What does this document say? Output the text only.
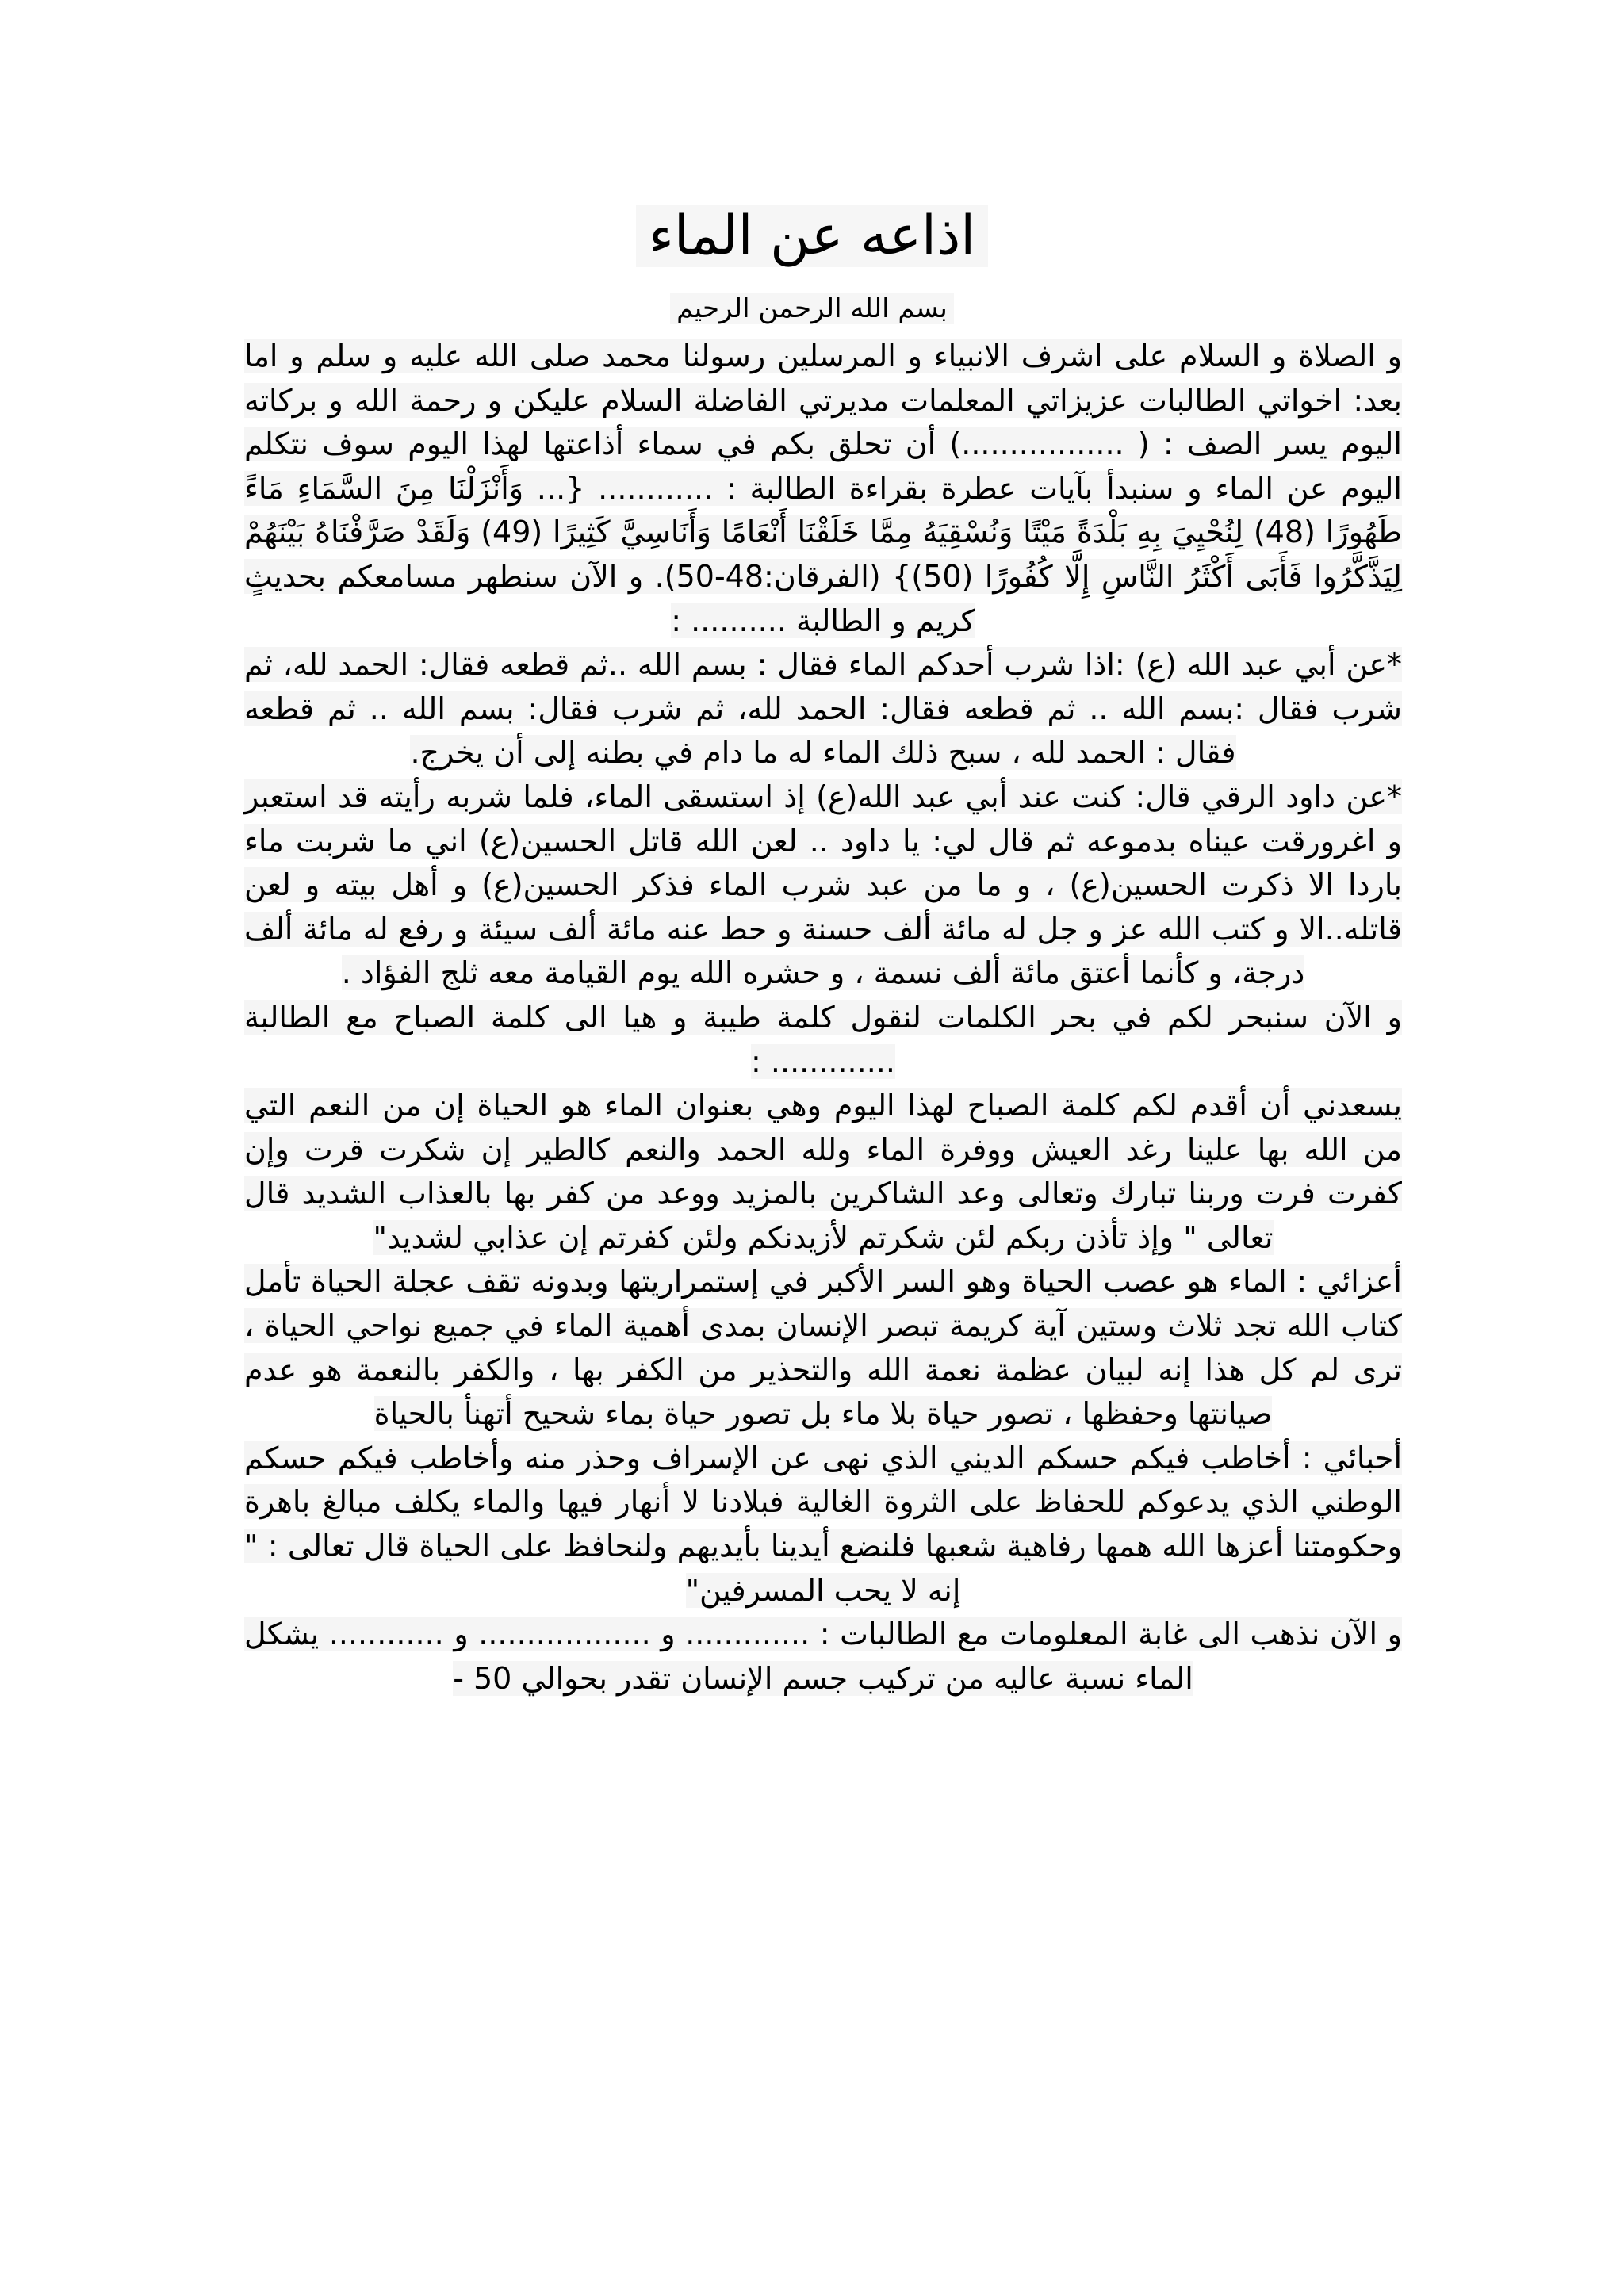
اذاعه عن الماء
بسم الله الرحمن الرحيم

و الصلاة و السلام على اشرف الانبياء و المرسلين رسولنا محمد صلى الله عليه و سلم و اما بعد: اخواتي الطالبات عزيزاتي المعلمات مديرتي الفاضلة السلام عليكن و رحمة الله و بركاته اليوم يسر الصف : ( .................) أن تحلق بكم في سماء أذاعتها لهذا اليوم سوف نتكلم اليوم عن الماء و سنبدأ بآيات عطرة بقراءة الطالبة : ............ {... وَأَنْزَلْنَا مِنَ السَّمَاءِ مَاءً طَهُورًا (48) لِنُحْيِيَ بِهِ بَلْدَةً مَيْتًا وَنُسْقِيَهُ مِمَّا خَلَقْنَا أَنْعَامًا وَأَنَاسِيَّ كَثِيرًا (49) وَلَقَدْ صَرَّفْنَاهُ بَيْنَهُمْ لِيَذَّكَّرُوا فَأَبَى أَكْثَرُ النَّاسِ إِلَّا كُفُورًا (50)} (الفرقان:48-50). و الآن سنطهر مسامعكم بحديثٍ كريم و الطالبة .......... :

*عن أبي عبد الله (ع) :اذا شرب أحدكم الماء فقال : بسم الله ..ثم قطعه فقال: الحمد لله، ثم شرب فقال :بسم الله .. ثم قطعه فقال: الحمد لله، ثم شرب فقال: بسم الله .. ثم قطعه فقال : الحمد لله ، سبح ذلك الماء له ما دام في بطنه إلى أن يخرج.

*عن داود الرقي قال: كنت عند أبي عبد الله(ع) إذ استسقى الماء، فلما شربه رأيته قد استعبر و اغرورقت عيناه بدموعه ثم قال لي: يا داود .. لعن الله قاتل الحسين(ع) اني ما شربت ماء باردا الا ذكرت الحسين(ع) ، و ما من عبد شرب الماء فذكر الحسين(ع) و أهل بيته و لعن قاتله..الا و كتب الله عز و جل له مائة ألف حسنة و حط عنه مائة ألف سيئة و رفع له مائة ألف درجة، و كأنما أعتق مائة ألف نسمة ، و حشره الله يوم القيامة معه ثلج الفؤاد .

و الآن سنبحر لكم في بحر الكلمات لنقول كلمة طيبة و هيا الى كلمة الصباح مع الطالبة ............. :

يسعدني أن أقدم لكم كلمة الصباح لهذا اليوم وهي بعنوان الماء هو الحياة إن من النعم التي من الله بها علينا رغد العيش ووفرة الماء ولله الحمد والنعم كالطير إن شكرت قرت وإن كفرت فرت وربنا تبارك وتعالى وعد الشاكرين بالمزيد ووعد من كفر بها بالعذاب الشديد قال تعالى " وإذ تأذن ربكم لئن شكرتم لأزيدنكم ولئن كفرتم إن عذابي لشديد"

أعزائي : الماء هو عصب الحياة وهو السر الأكبر في إستمراريتها وبدونه تقف عجلة الحياة تأمل كتاب الله تجد ثلاث وستين آية كريمة تبصر الإنسان بمدى أهمية الماء في جميع نواحي الحياة ، ترى لم كل هذا إنه لبيان عظمة نعمة الله والتحذير من الكفر بها ، والكفر بالنعمة هو عدم صيانتها وحفظها ، تصور حياة بلا ماء بل تصور حياة بماء شحيح أتهنأ بالحياة

أحبائي : أخاطب فيكم حسكم الديني الذي نهى عن الإسراف وحذر منه وأخاطب فيكم حسكم الوطني الذي يدعوكم للحفاظ على الثروة الغالية فبلادنا لا أنهار فيها والماء يكلف مبالغ باهرة وحكومتنا أعزها الله همها رفاهية شعبها فلنضع أيدينا بأيديهم ولنحافظ على الحياة قال تعالى : " إنه لا يحب المسرفين"

و الآن نذهب الى غابة المعلومات مع الطالبات : ............. و .................. و ............ يشكل الماء نسبة عاليه من تركيب جسم الإنسان تقدر بحوالي 50 -
